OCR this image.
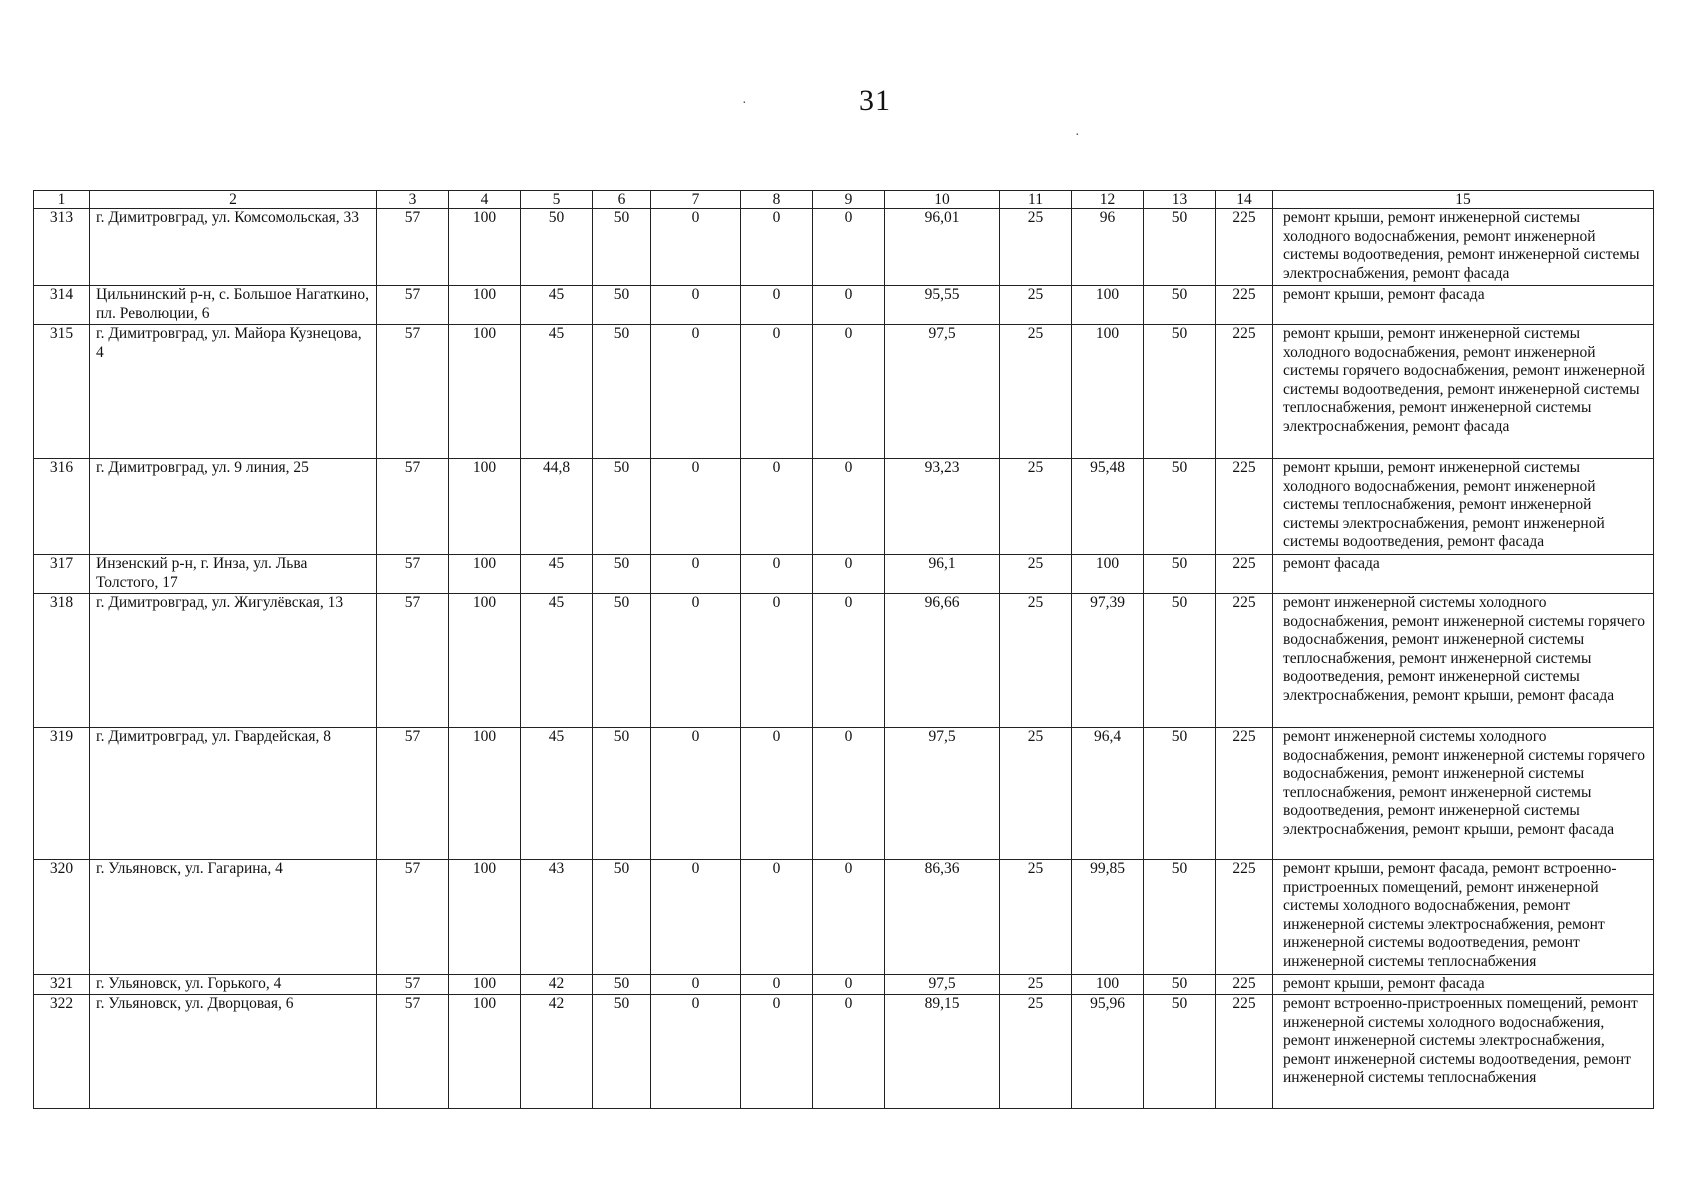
31
·
·
1	2	3	4	5	6	7	8	9	10	11	12	13	14	15
313	г. Димитровград, ул. Комсомольская, 33	57	100	50	50	0	0	0	96,01	25	96	50	225	ремонт крыши, ремонт инженерной системы холодного водоснабжения, ремонт инженерной системы водоотведения, ремонт инженерной системы электроснабжения, ремонт фасада
314	Цильнинский р-н, с. Большое Нагаткино, пл. Революции, 6	57	100	45	50	0	0	0	95,55	25	100	50	225	ремонт крыши, ремонт фасада
315	г. Димитровград, ул. Майора Кузнецова, 4	57	100	45	50	0	0	0	97,5	25	100	50	225	ремонт крыши, ремонт инженерной системы холодного водоснабжения, ремонт инженерной системы горячего водоснабжения, ремонт инженерной системы водоотведения, ремонт инженерной системы теплоснабжения, ремонт инженерной системы электроснабжения, ремонт фасада
316	г. Димитровград, ул. 9 линия, 25	57	100	44,8	50	0	0	0	93,23	25	95,48	50	225	ремонт крыши, ремонт инженерной системы холодного водоснабжения, ремонт инженерной системы теплоснабжения, ремонт инженерной системы электроснабжения, ремонт инженерной системы водоотведения, ремонт фасада
317	Инзенский р-н, г. Инза, ул. Льва Толстого, 17	57	100	45	50	0	0	0	96,1	25	100	50	225	ремонт фасада
318	г. Димитровград, ул. Жигулёвская, 13	57	100	45	50	0	0	0	96,66	25	97,39	50	225	ремонт инженерной системы холодного водоснабжения, ремонт инженерной системы горячего водоснабжения, ремонт инженерной системы теплоснабжения, ремонт инженерной системы водоотведения, ремонт инженерной системы электроснабжения, ремонт крыши, ремонт фасада
319	г. Димитровград, ул. Гвардейская, 8	57	100	45	50	0	0	0	97,5	25	96,4	50	225	ремонт инженерной системы холодного водоснабжения, ремонт инженерной системы горячего водоснабжения, ремонт инженерной системы теплоснабжения, ремонт инженерной системы водоотведения, ремонт инженерной системы электроснабжения, ремонт крыши, ремонт фасада
320	г. Ульяновск, ул. Гагарина, 4	57	100	43	50	0	0	0	86,36	25	99,85	50	225	ремонт крыши, ремонт фасада, ремонт встроенно-пристроенных помещений, ремонт инженерной системы холодного водоснабжения, ремонт инженерной системы электроснабжения, ремонт инженерной системы водоотведения, ремонт инженерной системы теплоснабжения
321	г. Ульяновск, ул. Горького, 4	57	100	42	50	0	0	0	97,5	25	100	50	225	ремонт крыши, ремонт фасада
322	г. Ульяновск, ул. Дворцовая, 6	57	100	42	50	0	0	0	89,15	25	95,96	50	225	ремонт встроенно-пристроенных помещений, ремонт инженерной системы холодного водоснабжения, ремонт инженерной системы электроснабжения, ремонт инженерной системы водоотведения, ремонт инженерной системы теплоснабжения
